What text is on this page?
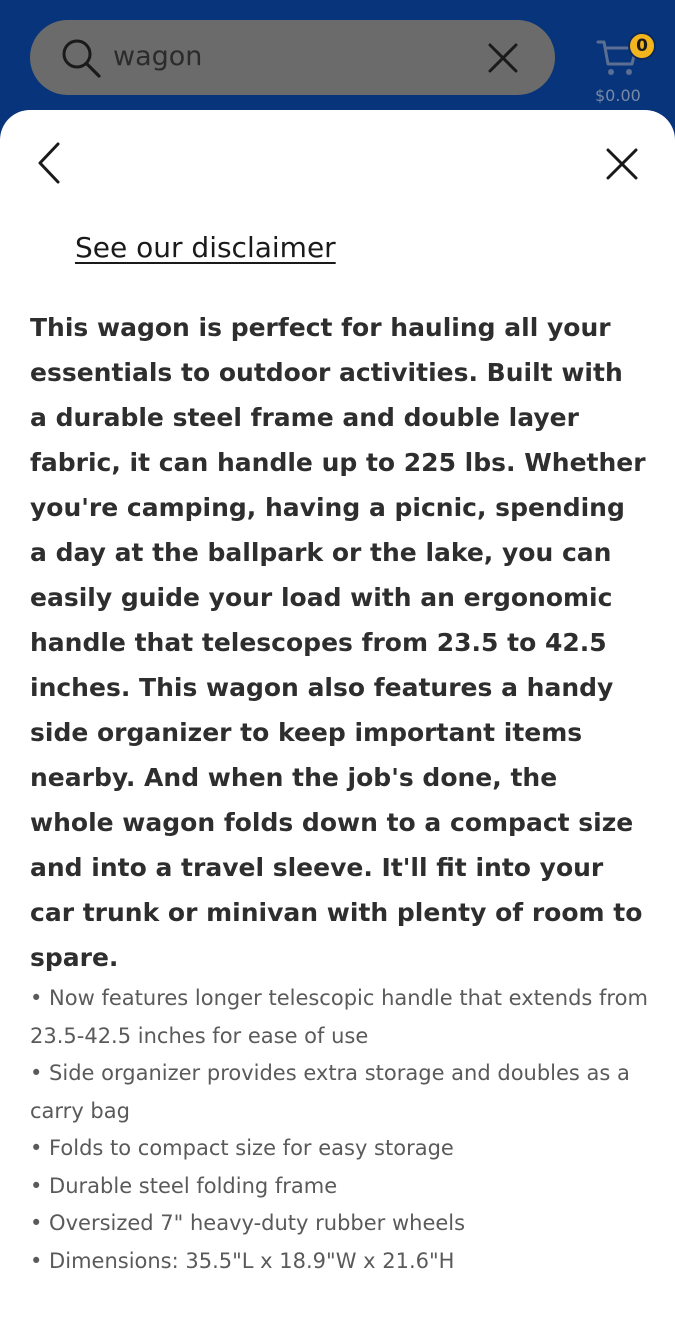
wagon	0
$0.00
See our disclaimer

This wagon is perfect for hauling all your essentials to outdoor activities. Built with a durable steel frame and double layer fabric, it can handle up to 225 lbs. Whether you're camping, having a picnic, spending a day at the ballpark or the lake, you can easily guide your load with an ergonomic handle that telescopes from 23.5 to 42.5 inches. This wagon also features a handy side organizer to keep important items nearby. And when the job's done, the whole wagon folds down to a compact size and into a travel sleeve. It'll fit into your car trunk or minivan with plenty of room to spare.

• Now features longer telescopic handle that extends from 23.5-42.5 inches for ease of use
• Side organizer provides extra storage and doubles as a carry bag
• Folds to compact size for easy storage
• Durable steel folding frame
• Oversized 7" heavy-duty rubber wheels
• Dimensions: 35.5"L x 18.9"W x 21.6"H
